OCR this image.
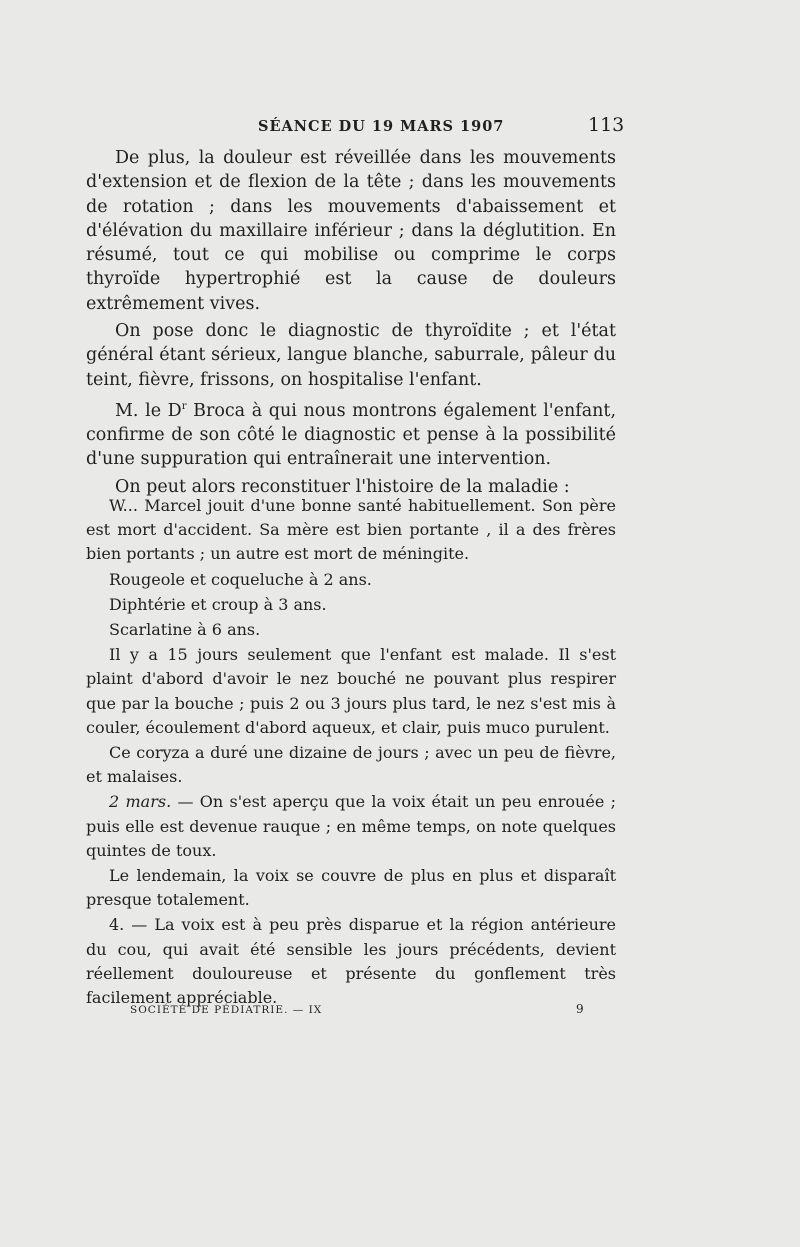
SÉANCE DU 19 MARS 1907	113

De plus, la douleur est réveillée dans les mouvements d'extension et de flexion de la tête ; dans les mouvements de rotation ; dans les mouvements d'abaissement et d'élévation du maxillaire inférieur ; dans la déglutition. En résumé, tout ce qui mobilise ou comprime le corps thyroïde hypertrophié est la cause de douleurs extrêmement vives.

On pose donc le diagnostic de thyroïdite ; et l'état général étant sérieux, langue blanche, saburrale, pâleur du teint, fièvre, frissons, on hospitalise l'enfant.

M. le $D^r$ Broca à qui nous montrons également l'enfant, confirme de son côté le diagnostic et pense à la possibilité d'une suppuration qui entraînerait une intervention.

On peut alors reconstituer l'histoire de la maladie :

W... Marcel jouit d'une bonne santé habituellement. Son père est mort d'accident. Sa mère est bien portante , il a des frères bien portants ; un autre est mort de méningite.

Rougeole et coqueluche à 2 ans.

Diphtérie et croup à 3 ans.

Scarlatine à 6 ans.

Il y a 15 jours seulement que l'enfant est malade. Il s'est plaint d'abord d'avoir le nez bouché ne pouvant plus respirer que par la bouche ; puis 2 ou 3 jours plus tard, le nez s'est mis à couler, écoulement d'abord aqueux, et clair, puis muco purulent.

Ce coryza a duré une dizaine de jours ; avec un peu de fièvre, et malaises.

2 mars. — On s'est aperçu que la voix était un peu enrouée ; puis elle est devenue rauque ; en même temps, on note quelques quintes de toux.

Le lendemain, la voix se couvre de plus en plus et disparaît presque totalement.

4. — La voix est à peu près disparue et la région antérieure du cou, qui avait été sensible les jours précédents, devient réellement douloureuse et présente du gonflement très facilement appréciable.

SOCIÉTÉ DE PÉDIATRIE. — IX	9
